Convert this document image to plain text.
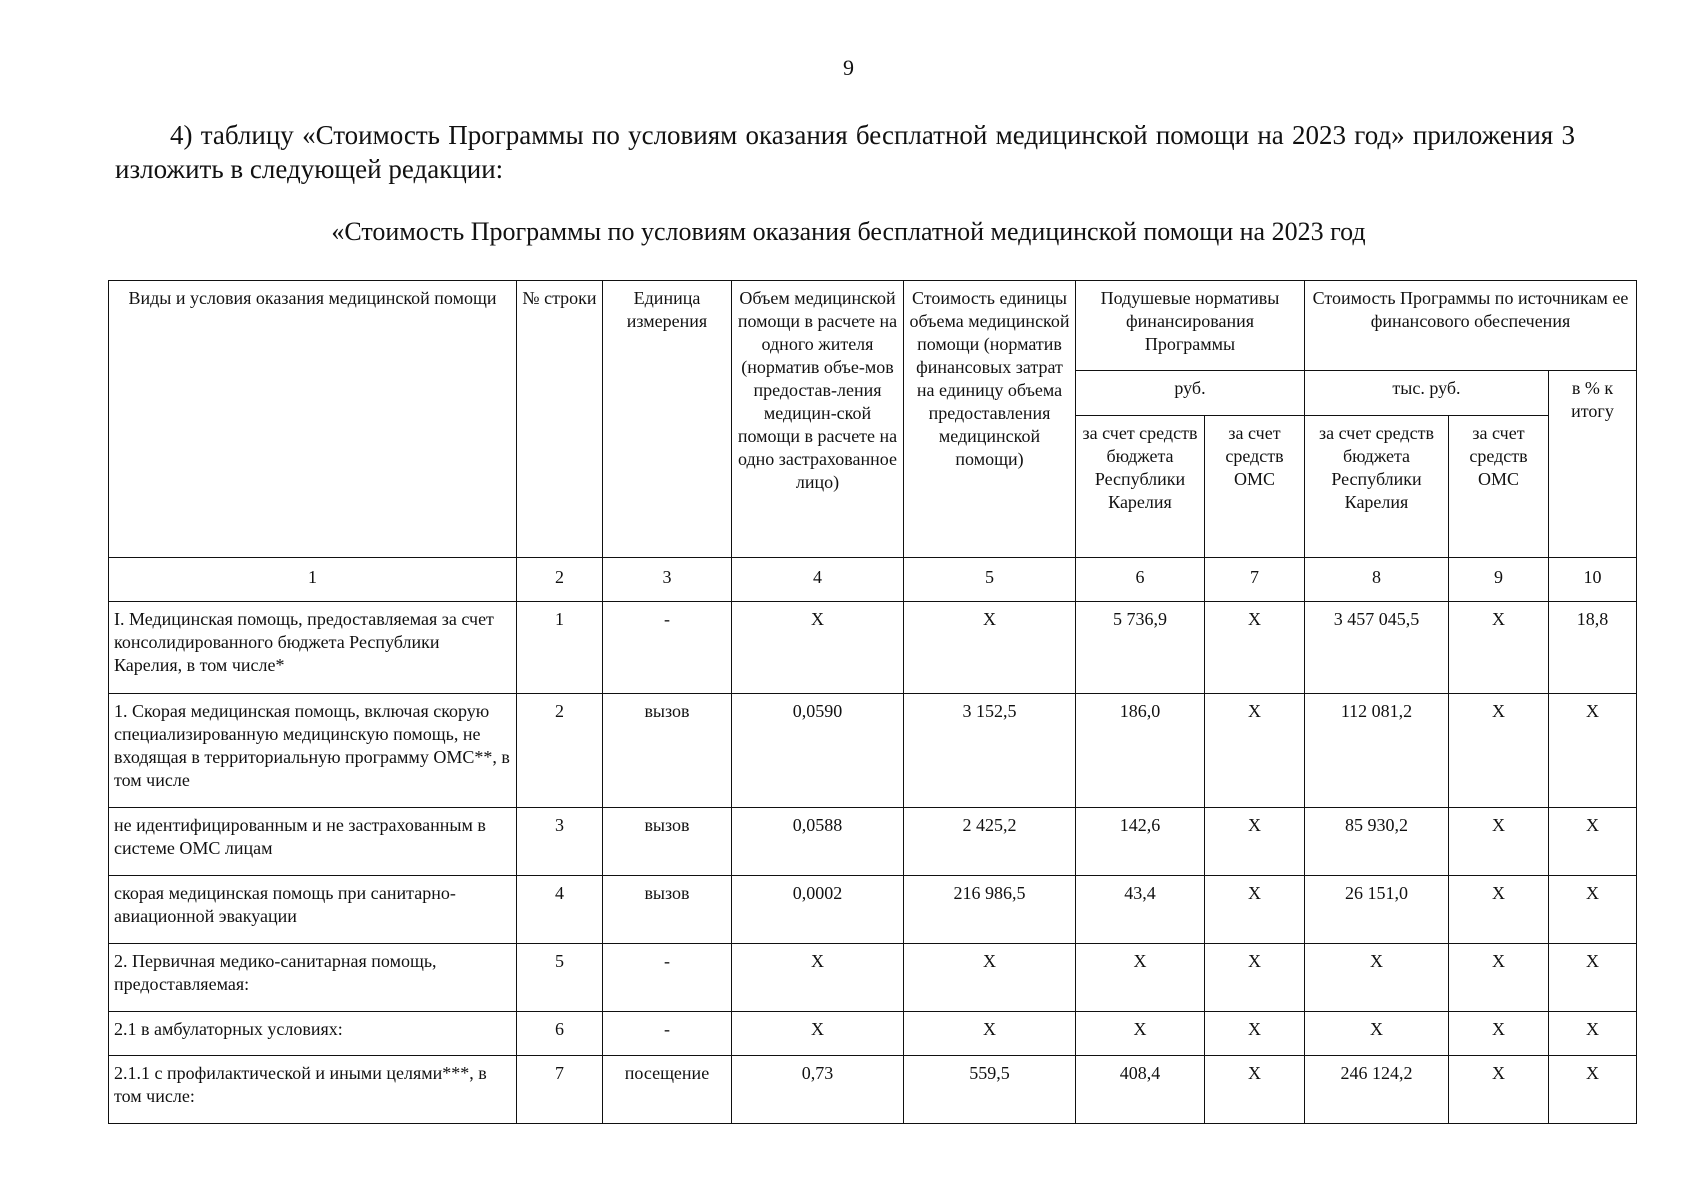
9
4) таблицу «Стоимость Программы по условиям оказания бесплатной медицинской помощи на 2023 год» приложения 3 изложить в следующей редакции:
«Стоимость Программы по условиям оказания бесплатной медицинской помощи на 2023 год
Виды и условия оказания медицинской помощи	№ строки	Единица измерения	Объем медицинской помощи в расчете на одного жителя (норматив объе-мов предостав-ления медицин-ской помощи в расчете на одно застрахованное лицо)	Стоимость единицы объема медицинской помощи (норматив финансовых затрат на единицу объема предоставления медицинской помощи)	Подушевые нормативы финансирования Программы		Стоимость Программы по источникам ее финансового обеспечения		
					руб.		тыс. руб.		в % к итогу
					за счет средств бюджета Республики Карелия	за счет средств ОМС	за счет средств бюджета Республики Карелия	за счет средств ОМС	
1	2	3	4	5	6	7	8	9	10
I. Медицинская помощь, предоставляемая за счет консолидированного бюджета Республики Карелия, в том числе*	1	-	X	X	5 736,9	X	3 457 045,5	X	18,8
1. Скорая медицинская помощь, включая скорую специализированную медицинскую помощь, не входящая в территориальную программу ОМС**, в том числе	2	вызов	0,0590	3 152,5	186,0	X	112 081,2	X	X
не идентифицированным и не застрахованным в системе ОМС лицам	3	вызов	0,0588	2 425,2	142,6	X	85 930,2	X	X
скорая медицинская помощь при санитарно-авиационной эвакуации	4	вызов	0,0002	216 986,5	43,4	X	26 151,0	X	X
2. Первичная медико-санитарная помощь, предоставляемая:	5	-	X	X	X	X	X	X	X
2.1 в амбулаторных условиях:	6	-	X	X	X	X	X	X	X
2.1.1 с профилактической и иными целями***, в том числе:	7	посещение	0,73	559,5	408,4	X	246 124,2	X	X
